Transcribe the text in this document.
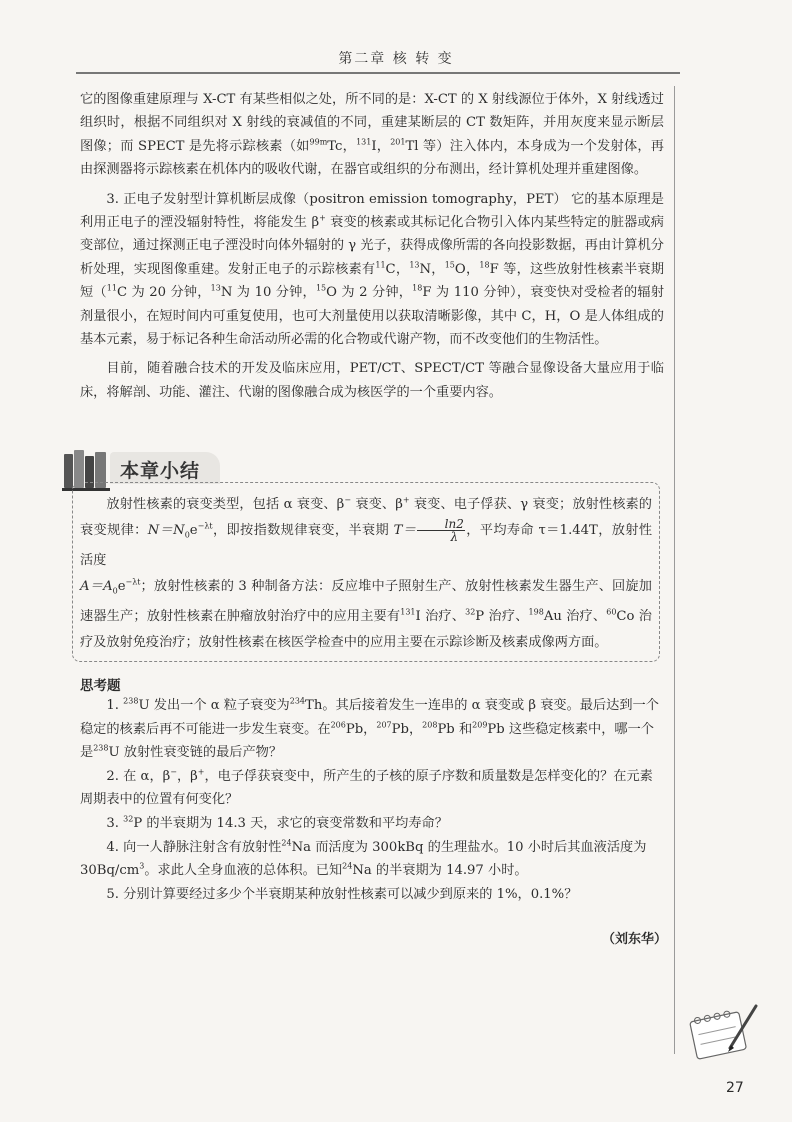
第二章 核 转 变

它的图像重建原理与 X-CT 有某些相似之处，所不同的是：X-CT 的 X 射线源位于体外，X 射线透过组织时，根据不同组织对 X 射线的衰减值的不同，重建某断层的 CT 数矩阵，并用灰度来显示断层图像；而 SPECT 是先将示踪核素（如$^{99m}$Tc，$^{131}$I，$^{201}$Tl 等）注入体内，本身成为一个发射体，再由探测器将示踪核素在机体内的吸收代谢，在器官或组织的分布测出，经计算机处理并重建图像。

3. 正电子发射型计算机断层成像（positron emission tomography，PET） 它的基本原理是利用正电子的湮没辐射特性，将能发生 β+ 衰变的核素或其标记化合物引入体内某些特定的脏器或病变部位，通过探测正电子湮没时向体外辐射的 γ 光子，获得成像所需的各向投影数据，再由计算机分析处理，实现图像重建。发射正电子的示踪核素有$^{11}$C，$^{13}$N，$^{15}$O，$^{18}$F 等，这些放射性核素半衰期短（$^{11}$C 为 20 分钟，$^{13}$N 为 10 分钟，$^{15}$O 为 2 分钟，$^{18}$F 为 110 分钟），衰变快对受检者的辐射剂量很小，在短时间内可重复使用，也可大剂量使用以获取清晰影像，其中 C，H，O 是人体组成的基本元素，易于标记各种生命活动所必需的化合物或代谢产物，而不改变他们的生物活性。

目前，随着融合技术的开发及临床应用，PET/CT、SPECT/CT 等融合显像设备大量应用于临床，将解剖、功能、灌注、代谢的图像融合成为核医学的一个重要内容。

本章小结

放射性核素的衰变类型，包括 α 衰变、β− 衰变、β+ 衰变、电子俘获、γ 衰变；放射性核素的衰变规律：$N=N_0e^{-\lambda t}$，即按指数规律衰变，半衰期 $T= \frac{\ln 2}{\lambda}$ ，平均寿命 τ＝1.44T，放射性活度
$A=A_0e^{-\lambda t}$；放射性核素的 3 种制备方法：反应堆中子照射生产、放射性核素发生器生产、回旋加速器生产；放射性核素在肿瘤放射治疗中的应用主要有$^{131}$I 治疗、$^{32}$P 治疗、$^{198}$Au 治疗、$^{60}$Co 治疗及放射免疫治疗；放射性核素在核医学检查中的应用主要在示踪诊断及核素成像两方面。

思考题

1. $^{238}$U 发出一个 α 粒子衰变为$^{234}$Th。其后接着发生一连串的 α 衰变或 β 衰变。最后达到一个稳定的核素后再不可能进一步发生衰变。在$^{206}$Pb，$^{207}$Pb，$^{208}$Pb 和$^{209}$Pb 这些稳定核素中，哪一个是$^{238}$U 放射性衰变链的最后产物？

2. 在 α，β−，β+，电子俘获衰变中，所产生的子核的原子序数和质量数是怎样变化的？在元素周期表中的位置有何变化？

3. $^{32}$P 的半衰期为 14.3 天，求它的衰变常数和平均寿命？

4. 向一人静脉注射含有放射性$^{24}$Na 而活度为 300kBq 的生理盐水。10 小时后其血液活度为 $30Bq/cm^3$。求此人全身血液的总体积。已知$^{24}$Na 的半衰期为 14.97 小时。

5. 分别计算要经过多少个半衰期某种放射性核素可以减少到原来的 1%，0.1%？

（刘东华）
27
